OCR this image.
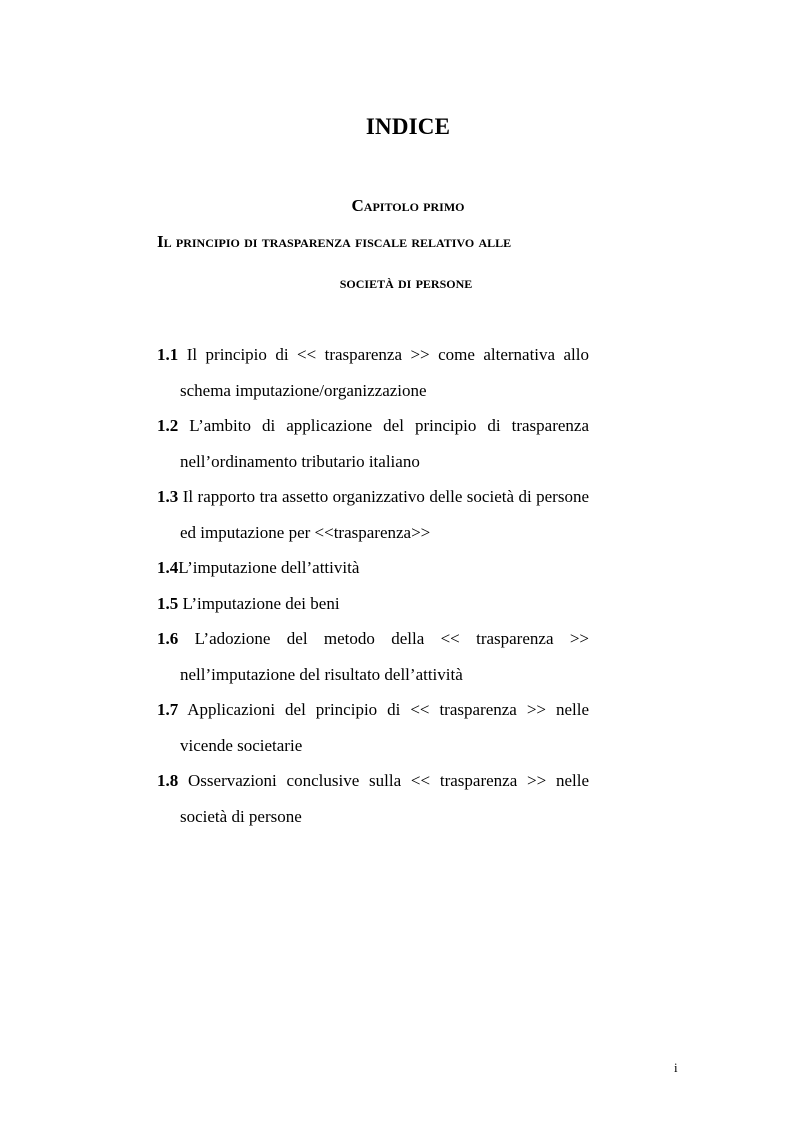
INDICE
Capitolo primo
Il principio di trasparenza fiscale relativo alle
società di persone
1.1 Il principio di << trasparenza >> come alternativa allo schema imputazione/organizzazione
1.2 L’ambito di applicazione del principio di trasparenza nell’ordinamento tributario italiano
1.3 Il rapporto tra assetto organizzativo delle società di persone ed imputazione per <<trasparenza>>
1.4L’imputazione dell’attività
1.5 L’imputazione dei beni
1.6 L’adozione del metodo della << trasparenza >> nell’imputazione del risultato dell’attività
1.7 Applicazioni del principio di << trasparenza >> nelle vicende societarie
1.8 Osservazioni conclusive sulla << trasparenza >> nelle società di persone
i
